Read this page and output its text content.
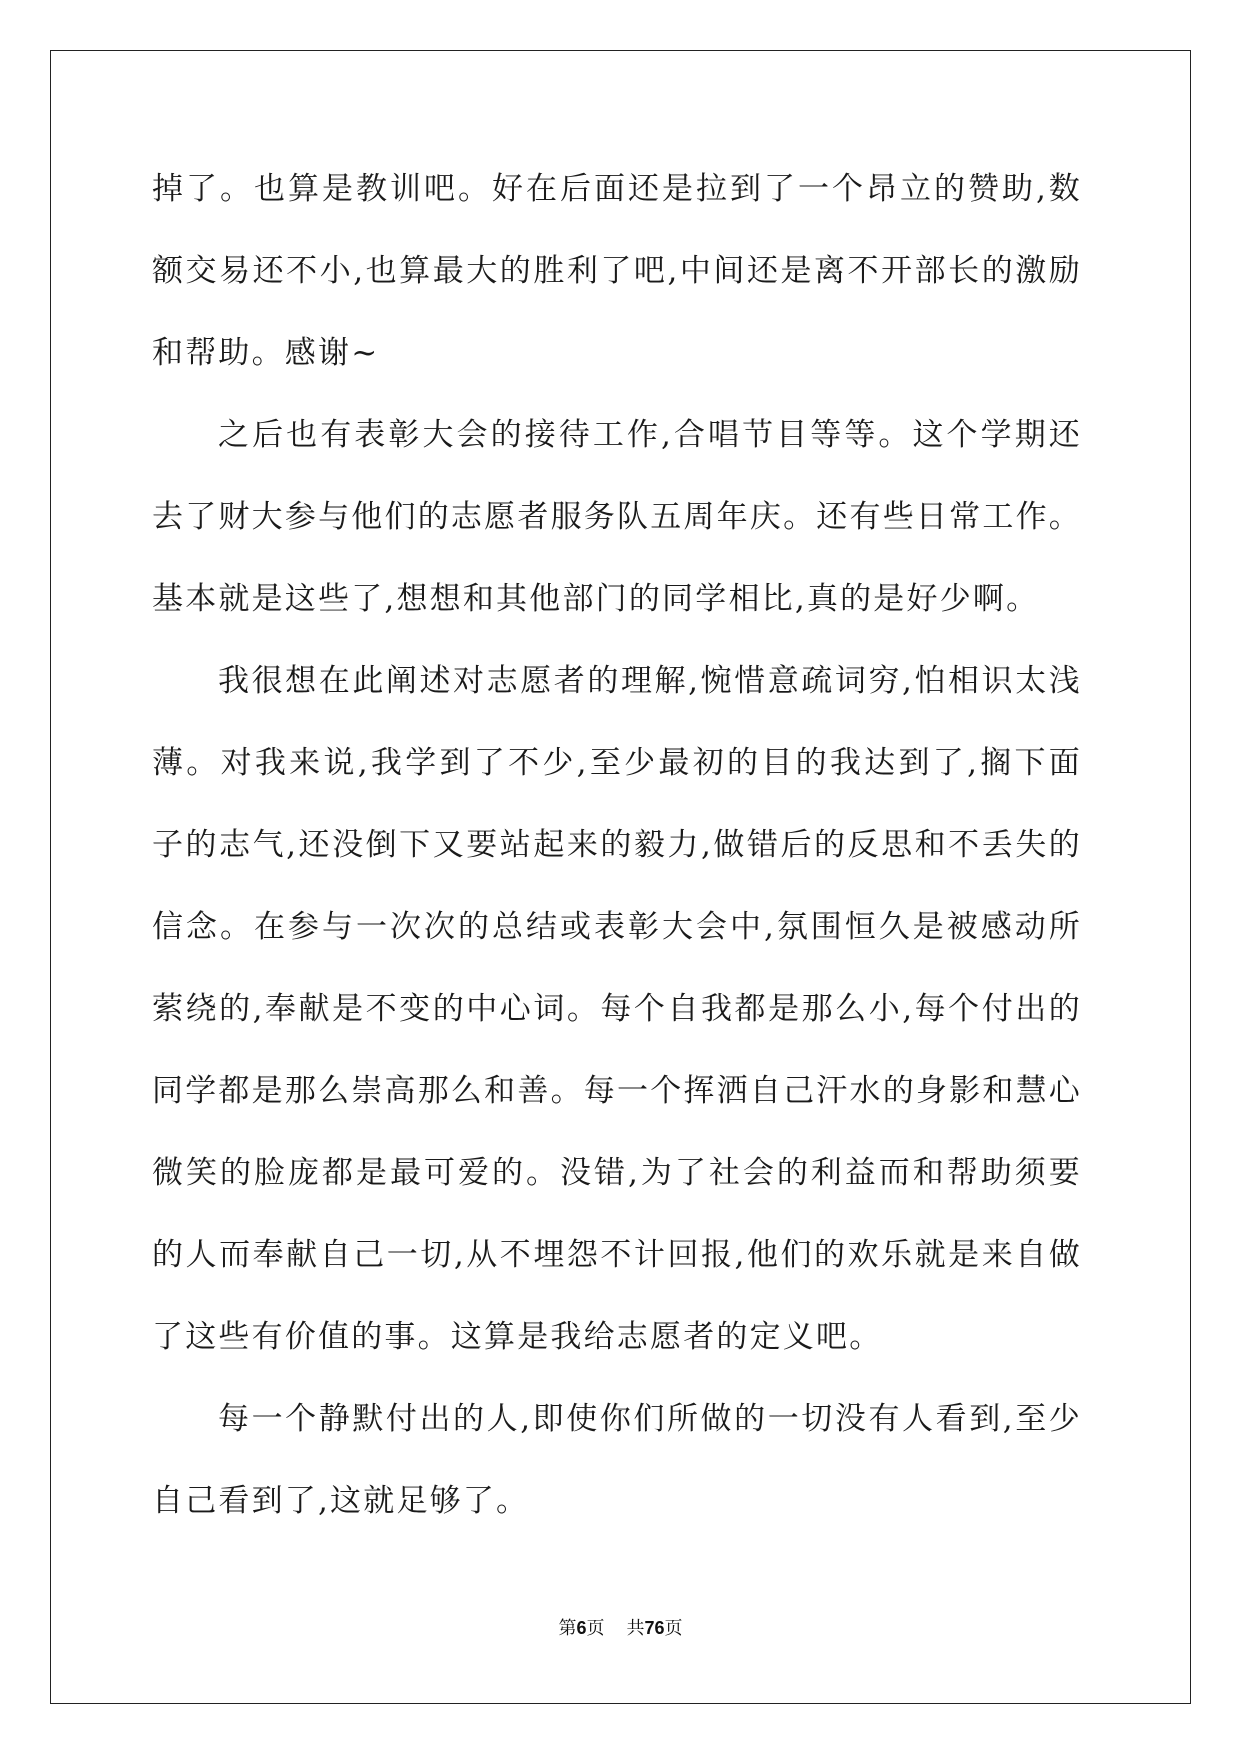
掉了。也算是教训吧。好在后面还是拉到了一个昂立的赞助,数额交易还不小,也算最大的胜利了吧,中间还是离不开部长的激励和帮助。感谢~

之后也有表彰大会的接待工作,合唱节目等等。这个学期还去了财大参与他们的志愿者服务队五周年庆。还有些日常工作。基本就是这些了,想想和其他部门的同学相比,真的是好少啊。

我很想在此阐述对志愿者的理解,惋惜意疏词穷,怕相识太浅薄。对我来说,我学到了不少,至少最初的目的我达到了,搁下面子的志气,还没倒下又要站起来的毅力,做错后的反思和不丢失的信念。在参与一次次的总结或表彰大会中,氛围恒久是被感动所萦绕的,奉献是不变的中心词。每个自我都是那么小,每个付出的同学都是那么崇高那么和善。每一个挥洒自己汗水的身影和慧心微笑的脸庞都是最可爱的。没错,为了社会的利益而和帮助须要的人而奉献自己一切,从不埋怨不计回报,他们的欢乐就是来自做了这些有价值的事。这算是我给志愿者的定义吧。

每一个静默付出的人,即使你们所做的一切没有人看到,至少自己看到了,这就足够了。

第6页 共76页
